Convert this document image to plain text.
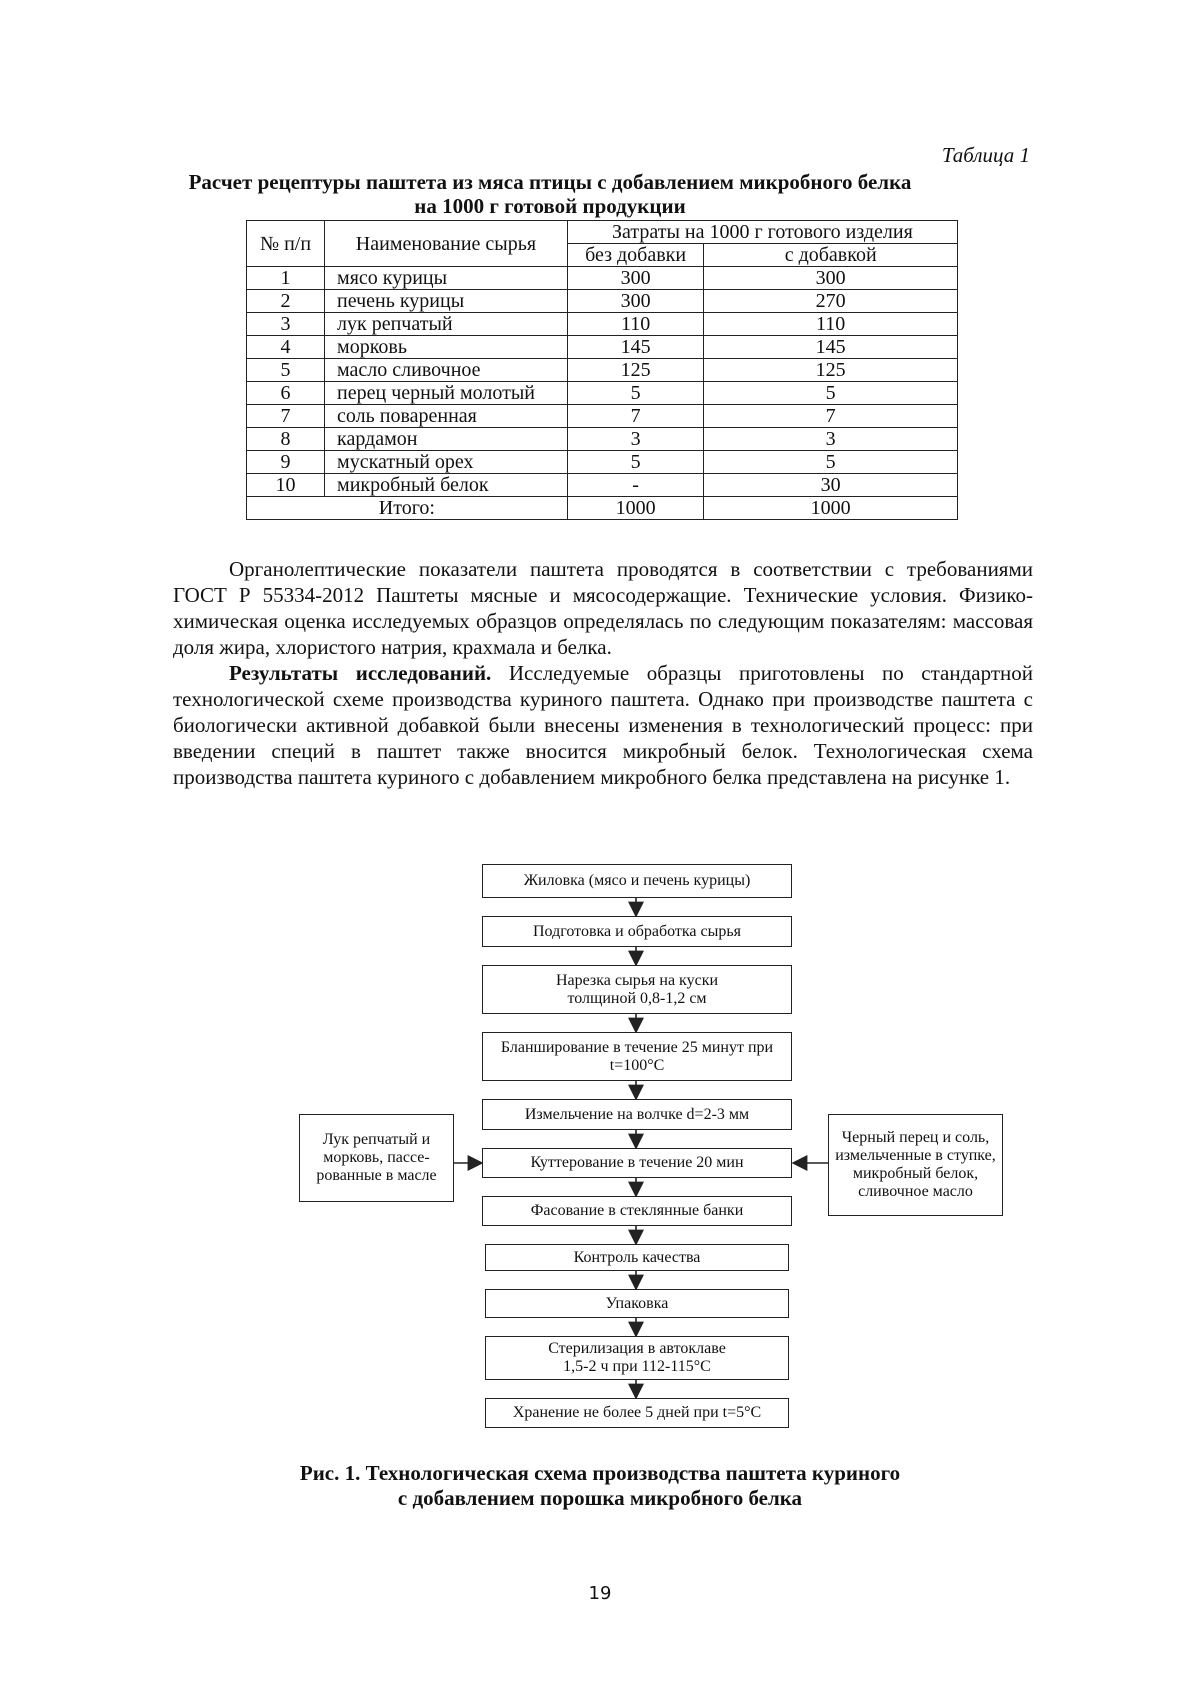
Таблица 1
Расчет рецептуры паштета из мяса птицы с добавлением микробного белка
на 1000 г готовой продукции
№ п/п	Наименование сырья	Затраты на 1000 г готового изделия	
		без добавки	с добавкой
1	мясо курицы	300	300
2	печень курицы	300	270
3	лук репчатый	110	110
4	морковь	145	145
5	масло сливочное	125	125
6	перец черный молотый	5	5
7	соль поваренная	7	7
8	кардамон	3	3
9	мускатный орех	5	5
10	микробный белок	-	30
Итого:		1000	1000

Органолептические показатели паштета проводятся в соответствии с требованиями ГОСТ Р 55334-2012 Паштеты мясные и мясосодержащие. Технические условия. Физико-химическая оценка исследуемых образцов определялась по следующим показателям: массовая доля жира, хлористого натрия, крахмала и белка.

Результаты исследований. Исследуемые образцы приготовлены по стандартной технологической схеме производства куриного паштета. Однако при производстве паштета с биологически активной добавкой были внесены изменения в технологический процесс: при введении специй в паштет также вносится микробный белок. Технологическая схема производства паштета куриного с добавлением микробного белка представлена на рисунке 1.

Жиловка (мясо и печень курицы)
Подготовка и обработка сырья
Нарезка сырья на куски толщиной 0,8-1,2 см
Бланширование в течение 25 минут при t=100°С
Измельчение на волчке d=2-3 мм
Куттерование в течение 20 мин
Фасование в стеклянные банки
Контроль качества
Упаковка
Стерилизация в автоклаве 1,5-2 ч при 112-115°С
Хранение не более 5 дней при t=5°С
Лук репчатый и морковь, пассе-рованные в масле
Черный перец и соль, измельченные в ступке, микробный белок, сливочное масло
Рис. 1. Технологическая схема производства паштета куриного
с добавлением порошка микробного белка
19
